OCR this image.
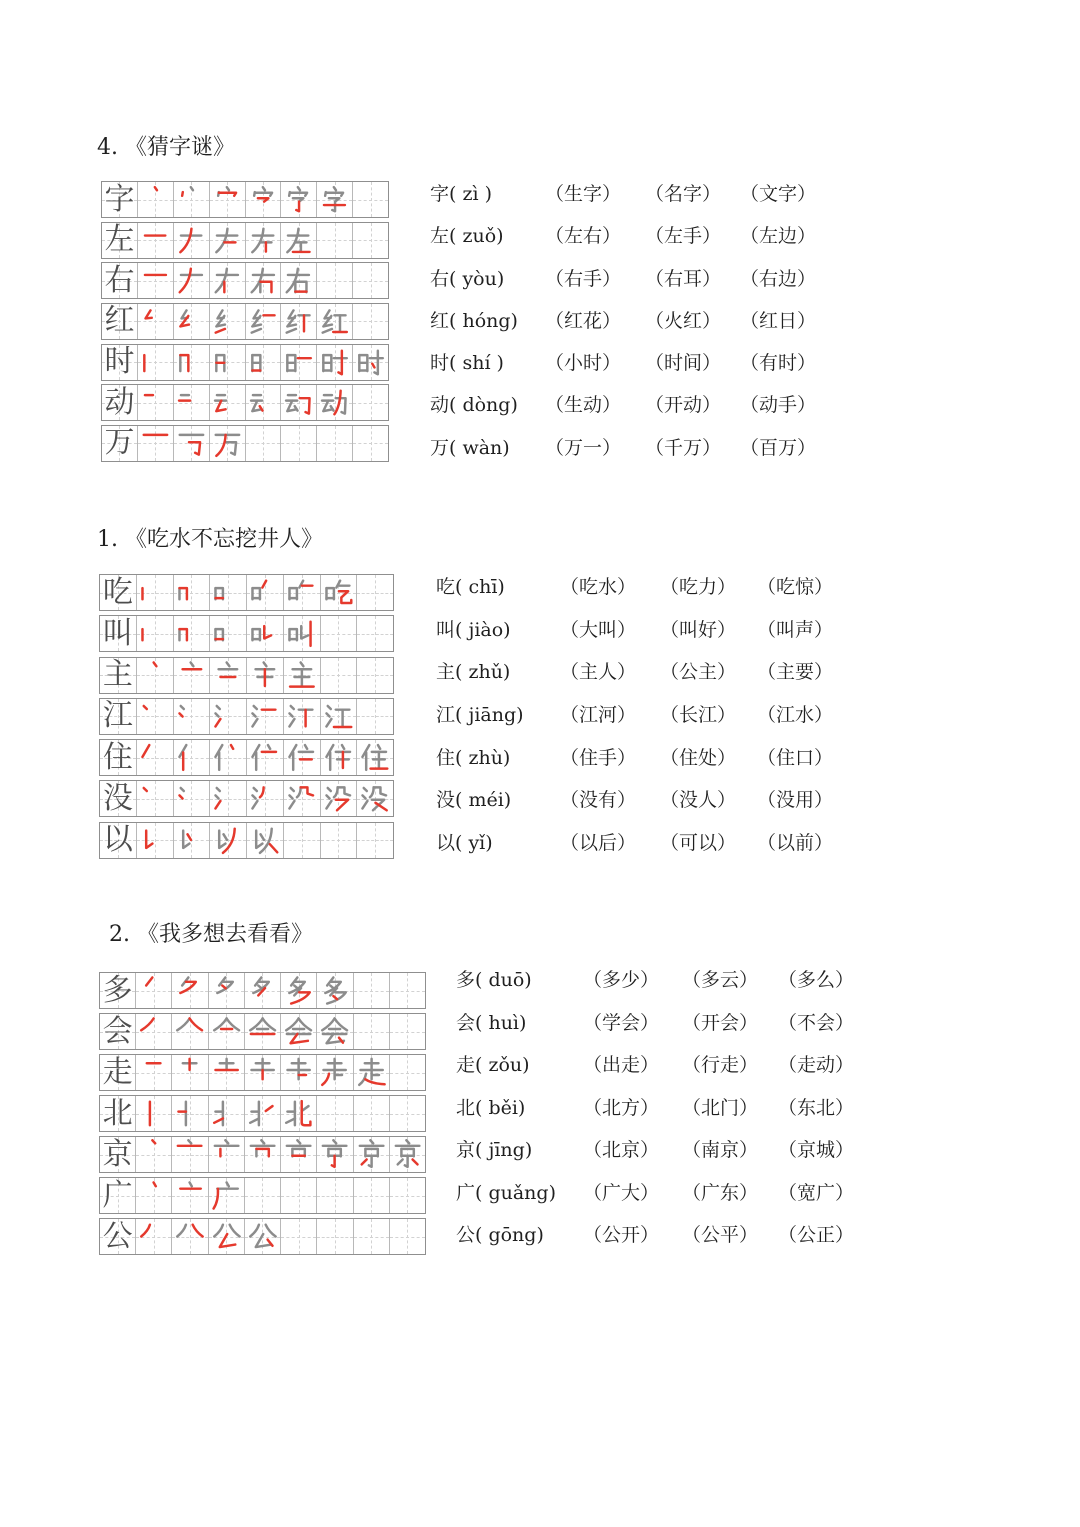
4. 《猜字谜》
字
左
右
红
时
动
万
字( zì )	（生字） （名字） （文字）
左( zuǒ) （左右） （左手） （左边）
右( yòu) （右手） （右耳） （右边）
红( hóng) （红花） （火红） （红日）
时( shí ) （小时） （时间） （有时）
动( dòng) （生动） （开动） （动手）
万( wàn) （万一） （千万） （百万）
1. 《吃水不忘挖井人》
吃
叫
主
江
住
没
以
吃( chī)	（吃水） （吃力） （吃惊）
叫( jiào)	（大叫） （叫好） （叫声）
主( zhǔ)	（主人） （公主） （主要）
江( jiāng) （江河） （长江） （江水）
住( zhù)	（住手） （住处） （住口）
没( méi)	（没有） （没人） （没用）
以( yǐ)	（以后） （可以） （以前）
2. 《我多想去看看》
多
会
走
北
京
广
公
多( duō)	（多少） （多云） （多么）
会( huì)	（学会） （开会） （不会）
走( zǒu)	（出走） （行走） （走动）
北( běi)	（北方） （北门） （东北）
京( jīng)	（北京） （南京） （京城）
广( guǎng) （广大） （广东） （宽广）
公( gōng) （公开） （公平） （公正）
